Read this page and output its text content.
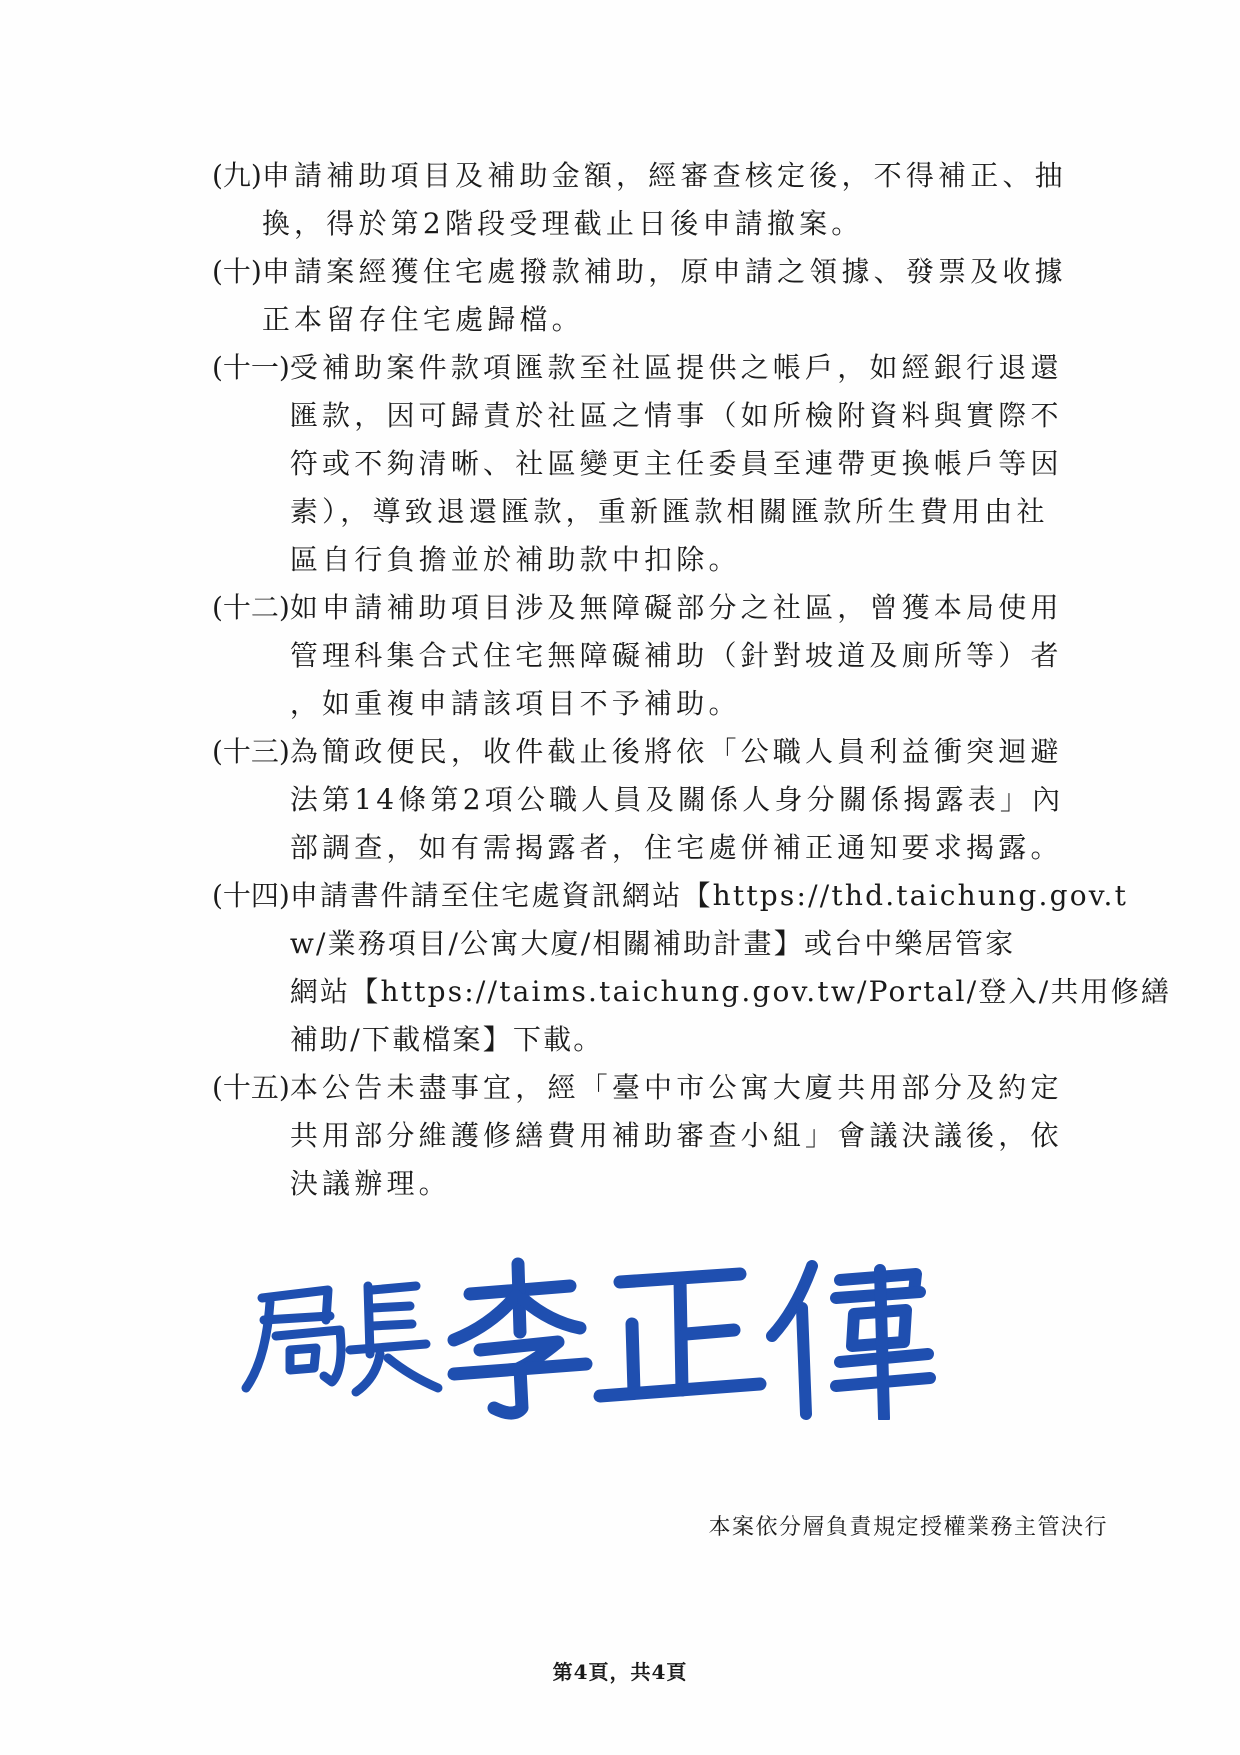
(九) 申請補助項目及補助金額，經審查核定後，不得補正、抽
換，得於第2階段受理截止日後申請撤案。
(十) 申請案經獲住宅處撥款補助，原申請之領據、發票及收據
正本留存住宅處歸檔。
(十一) 受補助案件款項匯款至社區提供之帳戶，如經銀行退還
匯款，因可歸責於社區之情事（如所檢附資料與實際不
符或不夠清晰、社區變更主任委員至連帶更換帳戶等因
素），導致退還匯款，重新匯款相關匯款所生費用由社
區自行負擔並於補助款中扣除。
(十二) 如申請補助項目涉及無障礙部分之社區，曾獲本局使用
管理科集合式住宅無障礙補助（針對坡道及廁所等）者
，如重複申請該項目不予補助。
(十三) 為簡政便民，收件截止後將依「公職人員利益衝突迴避
法第14條第2項公職人員及關係人身分關係揭露表」內
部調查，如有需揭露者，住宅處併補正通知要求揭露。
(十四) 申請書件請至住宅處資訊網站【https://thd.taichung.gov.t
w/業務項目/公寓大廈/相關補助計畫】或台中樂居管家
網站【https://taims.taichung.gov.tw/Portal/登入/共用修繕
補助/下載檔案】下載。
(十五) 本公告未盡事宜，經「臺中市公寓大廈共用部分及約定
共用部分維護修繕費用補助審查小組」會議決議後，依
決議辦理。
本案依分層負責規定授權業務主管決行
第4頁，共4頁
